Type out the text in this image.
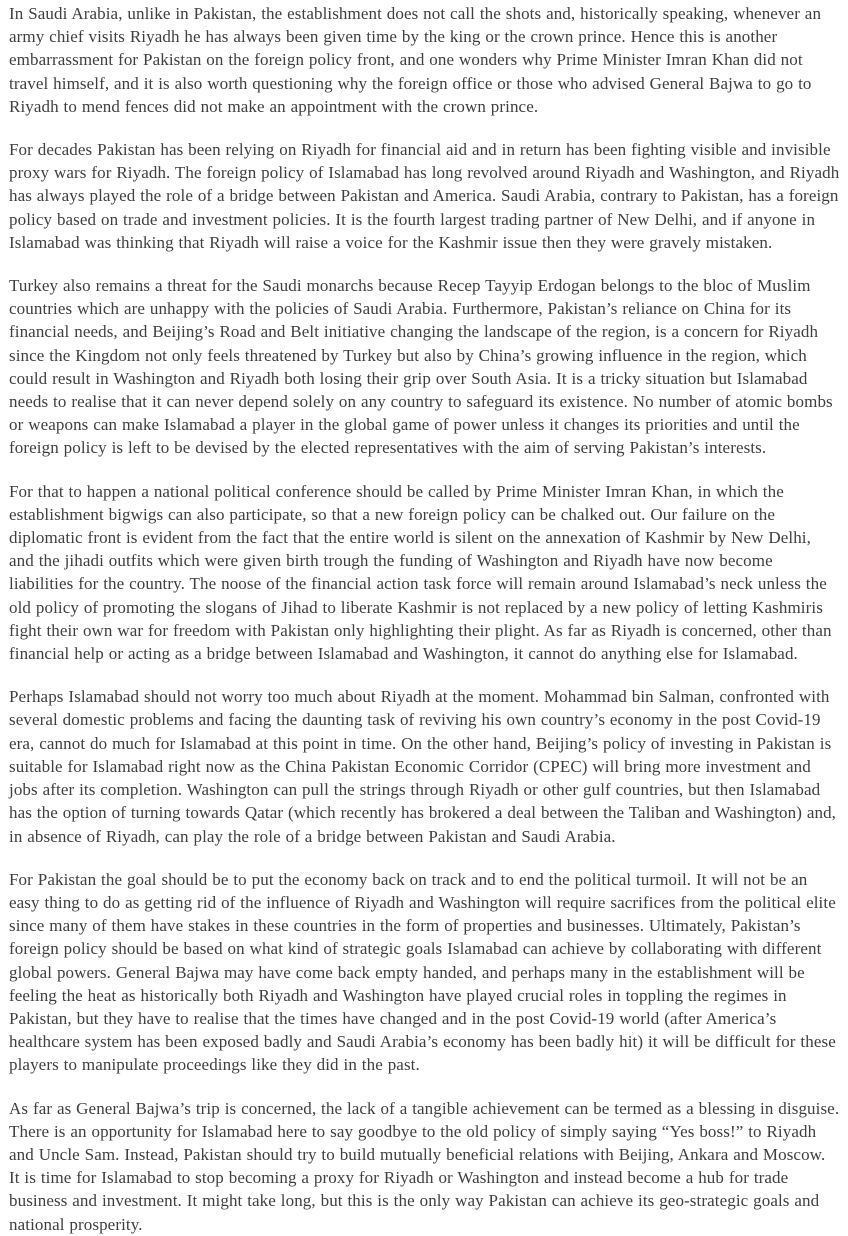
In Saudi Arabia, unlike in Pakistan, the establishment does not call the shots and, historically speaking, whenever an army chief visits Riyadh he has always been given time by the king or the crown prince. Hence this is another embarrassment for Pakistan on the foreign policy front, and one wonders why Prime Minister Imran Khan did not travel himself, and it is also worth questioning why the foreign office or those who advised General Bajwa to go to Riyadh to mend fences did not make an appointment with the crown prince.

For decades Pakistan has been relying on Riyadh for financial aid and in return has been fighting visible and invisible proxy wars for Riyadh. The foreign policy of Islamabad has long revolved around Riyadh and Washington, and Riyadh has always played the role of a bridge between Pakistan and America. Saudi Arabia, contrary to Pakistan, has a foreign policy based on trade and investment policies. It is the fourth largest trading partner of New Delhi, and if anyone in Islamabad was thinking that Riyadh will raise a voice for the Kashmir issue then they were gravely mistaken.

Turkey also remains a threat for the Saudi monarchs because Recep Tayyip Erdogan belongs to the bloc of Muslim countries which are unhappy with the policies of Saudi Arabia. Furthermore, Pakistan’s reliance on China for its financial needs, and Beijing’s Road and Belt initiative changing the landscape of the region, is a concern for Riyadh since the Kingdom not only feels threatened by Turkey but also by China’s growing influence in the region, which could result in Washington and Riyadh both losing their grip over South Asia. It is a tricky situation but Islamabad needs to realise that it can never depend solely on any country to safeguard its existence. No number of atomic bombs or weapons can make Islamabad a player in the global game of power unless it changes its priorities and until the foreign policy is left to be devised by the elected representatives with the aim of serving Pakistan’s interests.

For that to happen a national political conference should be called by Prime Minister Imran Khan, in which the establishment bigwigs can also participate, so that a new foreign policy can be chalked out. Our failure on the diplomatic front is evident from the fact that the entire world is silent on the annexation of Kashmir by New Delhi, and the jihadi outfits which were given birth trough the funding of Washington and Riyadh have now become liabilities for the country. The noose of the financial action task force will remain around Islamabad’s neck unless the old policy of promoting the slogans of Jihad to liberate Kashmir is not replaced by a new policy of letting Kashmiris fight their own war for freedom with Pakistan only highlighting their plight. As far as Riyadh is concerned, other than financial help or acting as a bridge between Islamabad and Washington, it cannot do anything else for Islamabad.

Perhaps Islamabad should not worry too much about Riyadh at the moment. Mohammad bin Salman, confronted with several domestic problems and facing the daunting task of reviving his own country’s economy in the post Covid-19 era, cannot do much for Islamabad at this point in time. On the other hand, Beijing’s policy of investing in Pakistan is suitable for Islamabad right now as the China Pakistan Economic Corridor (CPEC) will bring more investment and jobs after its completion. Washington can pull the strings through Riyadh or other gulf countries, but then Islamabad has the option of turning towards Qatar (which recently has brokered a deal between the Taliban and Washington) and, in absence of Riyadh, can play the role of a bridge between Pakistan and Saudi Arabia.

For Pakistan the goal should be to put the economy back on track and to end the political turmoil. It will not be an easy thing to do as getting rid of the influence of Riyadh and Washington will require sacrifices from the political elite since many of them have stakes in these countries in the form of properties and businesses. Ultimately, Pakistan’s foreign policy should be based on what kind of strategic goals Islamabad can achieve by collaborating with different global powers. General Bajwa may have come back empty handed, and perhaps many in the establishment will be feeling the heat as historically both Riyadh and Washington have played crucial roles in toppling the regimes in Pakistan, but they have to realise that the times have changed and in the post Covid-19 world (after America’s healthcare system has been exposed badly and Saudi Arabia’s economy has been badly hit) it will be difficult for these players to manipulate proceedings like they did in the past.

As far as General Bajwa’s trip is concerned, the lack of a tangible achievement can be termed as a blessing in disguise. There is an opportunity for Islamabad here to say goodbye to the old policy of simply saying “Yes boss!” to Riyadh and Uncle Sam. Instead, Pakistan should try to build mutually beneficial relations with Beijing, Ankara and Moscow. It is time for Islamabad to stop becoming a proxy for Riyadh or Washington and instead become a hub for trade business and investment. It might take long, but this is the only way Pakistan can achieve its geo-strategic goals and national prosperity.
